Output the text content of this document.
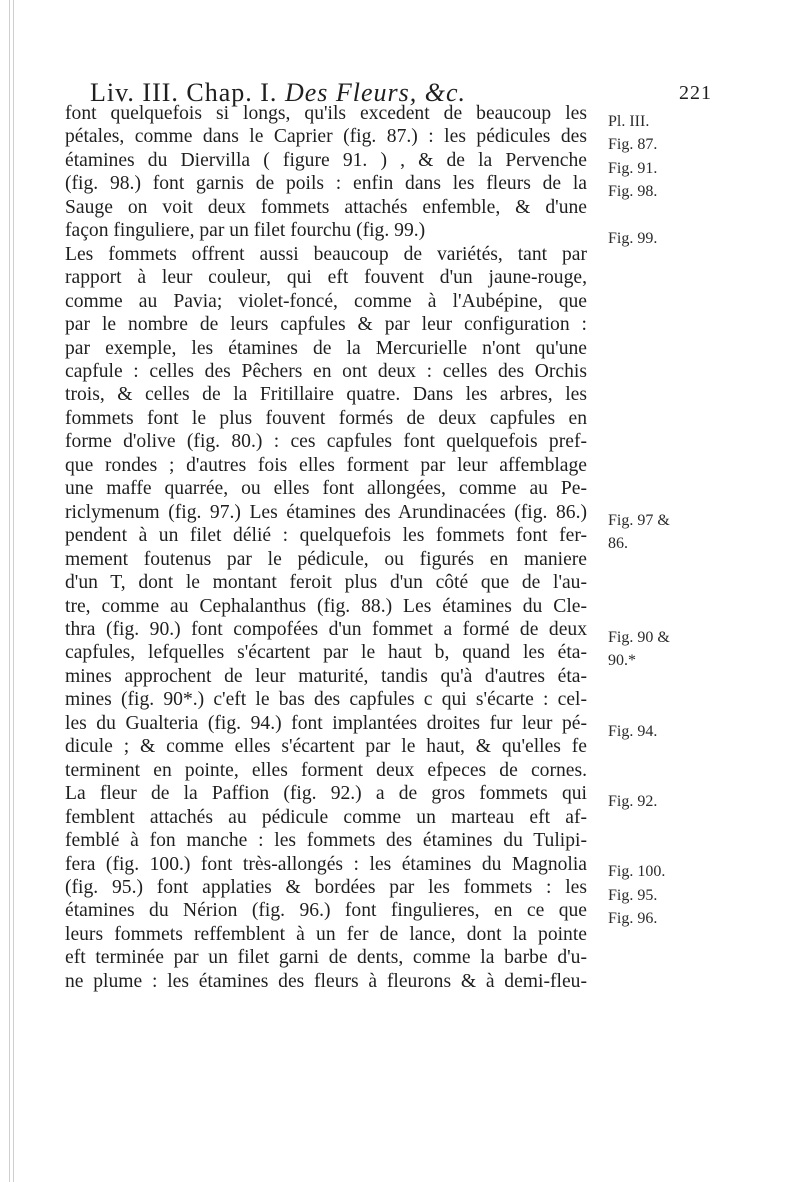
Liv. III. Chap. I. Des Fleurs, &c.	221
font quelquefois si longs, qu'ils excedent de beaucoup les
pétales, comme dans le Caprier (fig. 87.) : les pédicules des
étamines du Diervilla ( figure 91. ) , & de la Pervenche
(fig. 98.) font garnis de poils : enfin dans les fleurs de la
Sauge on voit deux fommets attachés enfemble, & d'une
façon finguliere, par un filet fourchu (fig. 99.)
Les fommets offrent aussi beaucoup de variétés, tant par
rapport à leur couleur, qui eft fouvent d'un jaune-rouge,
comme au Pavia; violet-foncé, comme à l'Aubépine, que
par le nombre de leurs capfules & par leur configuration :
par exemple, les étamines de la Mercurielle n'ont qu'une
capfule : celles des Pêchers en ont deux : celles des Orchis
trois, & celles de la Fritillaire quatre. Dans les arbres, les
fommets font le plus fouvent formés de deux capfules en
forme d'olive (fig. 80.) : ces capfules font quelquefois pref-
que rondes ; d'autres fois elles forment par leur affemblage
une maffe quarrée, ou elles font allongées, comme au Pe-
riclymenum (fig. 97.) Les étamines des Arundinacées (fig. 86.)
pendent à un filet délié : quelquefois les fommets font fer-
mement foutenus par le pédicule, ou figurés en maniere
d'un T, dont le montant feroit plus d'un côté que de l'au-
tre, comme au Cephalanthus (fig. 88.) Les étamines du Cle-
thra (fig. 90.) font compofées d'un fommet a formé de deux
capfules, lefquelles s'écartent par le haut b, quand les éta-
mines approchent de leur maturité, tandis qu'à d'autres éta-
mines (fig. 90*.) c'eft le bas des capfules c qui s'écarte : cel-
les du Gualteria (fig. 94.) font implantées droites fur leur pé-
dicule ; & comme elles s'écartent par le haut, & qu'elles fe
terminent en pointe, elles forment deux efpeces de cornes.
La fleur de la Paffion (fig. 92.) a de gros fommets qui
femblent attachés au pédicule comme un marteau eft af-
femblé à fon manche : les fommets des étamines du Tulipi-
fera (fig. 100.) font très-allongés : les étamines du Magnolia
(fig. 95.) font applaties & bordées par les fommets : les
étamines du Nérion (fig. 96.) font fingulieres, en ce que
leurs fommets reffemblent à un fer de lance, dont la pointe
eft terminée par un filet garni de dents, comme la barbe d'u-
ne plume : les étamines des fleurs à fleurons & à demi-fleu-
Pl. III.
Fig. 87.
Fig. 91.
Fig. 98.
Fig. 99.
Fig. 97 &
86.
Fig. 90 &
90.*
Fig. 94.
Fig. 92.
Fig. 100.
Fig. 95.
Fig. 96.
